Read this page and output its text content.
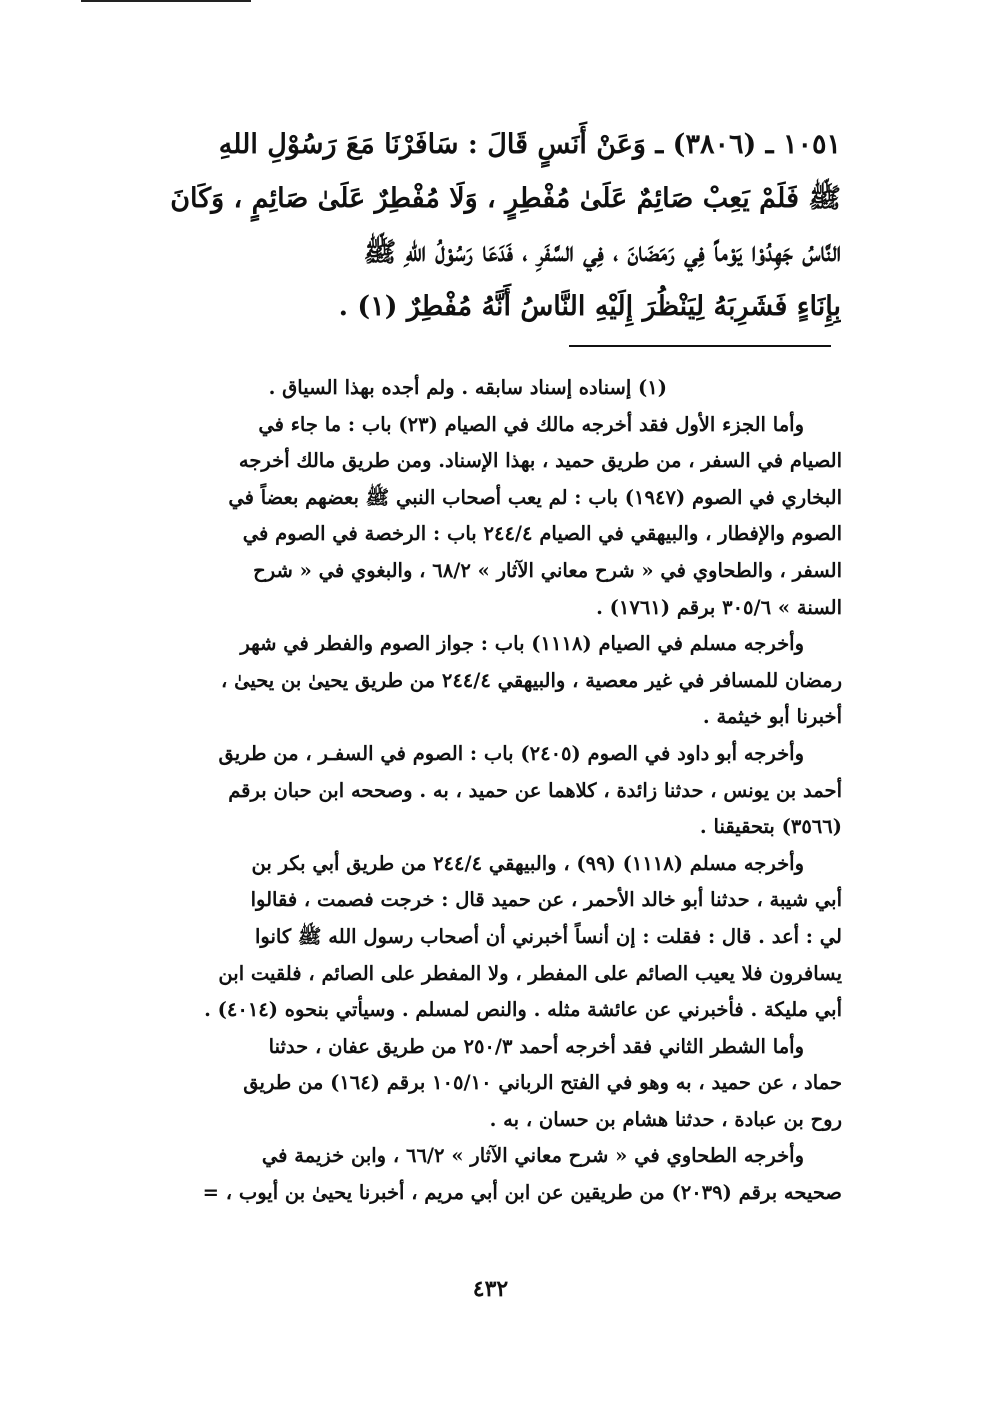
١٠٥١ ـ (٣٨٠٦) ـ وَعَنْ أَنَسٍ قَالَ : سَافَرْنَا مَعَ رَسُوْلِ اللهِ
ﷺ فَلَمْ يَعِبْ صَائِمٌ عَلَىٰ مُفْطِرٍ ، وَلَا مُفْطِرٌ عَلَىٰ صَائِمٍ ، وَكَانَ
النَّاسُ جَهِدُوْا يَوْماً فِي رَمَضَانَ ، فِي السَّفَرِ ، فَدَعَا رَسُوْلُ اللهِ ﷺ
بِإِنَاءٍ فَشَرِبَهُ لِيَنْظُرَ إِلَيْهِ النَّاسُ أَنَّهُ مُفْطِرٌ (١) .

(١) إسناده إسناد سابقه . ولم أجده بهذا السياق .

وأما الجزء الأول فقد أخرجه مالك في الصيام (٢٣) باب : ما جاء في
الصيام في السفر ، من طريق حميد ، بهذا الإسناد. ومن طريق مالك أخرجه
البخاري في الصوم (١٩٤٧) باب : لم يعب أصحاب النبي ﷺ بعضهم بعضاً في
الصوم والإفطار ، والبيهقي في الصيام ٢٤٤/٤ باب : الرخصة في الصوم في
السفر ، والطحاوي في « شرح معاني الآثار » ٦٨/٢ ، والبغوي في « شرح
السنة » ٣٠٥/٦ برقم (١٧٦١) .

وأخرجه مسلم في الصيام (١١١٨) باب : جواز الصوم والفطر في شهر
رمضان للمسافر في غير معصية ، والبيهقي ٢٤٤/٤ من طريق يحيىٰ بن يحيىٰ ،
أخبرنا أبو خيثمة .

وأخرجه أبو داود في الصوم (٢٤٠٥) باب : الصوم في السفـر ، من طريق
أحمد بن يونس ، حدثنا زائدة ، كلاهما عن حميد ، به . وصححه ابن حبان برقم
(٣٥٦٦) بتحقيقنا .

وأخرجه مسلم (١١١٨) (٩٩) ، والبيهقي ٢٤٤/٤ من طريق أبي بكر بن
أبي شيبة ، حدثنا أبو خالد الأحمر ، عن حميد قال : خرجت فصمت ، فقالوا
لي : أعد . قال : فقلت : إن أنساً أخبرني أن أصحاب رسول الله ﷺ كانوا
يسافرون فلا يعيب الصائم على المفطر ، ولا المفطر على الصائم ، فلقيت ابن
أبي مليكة . فأخبرني عن عائشة مثله . والنص لمسلم . وسيأتي بنحوه (٤٠١٤) .

وأما الشطر الثاني فقد أخرجه أحمد ٢٥٠/٣ من طريق عفان ، حدثنا
حماد ، عن حميد ، به وهو في الفتح الرباني ١٠٥/١٠ برقم (١٦٤) من طريق
روح بن عبادة ، حدثنا هشام بن حسان ، به .

وأخرجه الطحاوي في « شرح معاني الآثار » ٦٦/٢ ، وابن خزيمة في
صحيحه برقم (٢٠٣٩) من طريقين عن ابن أبي مريم ، أخبرنا يحيىٰ بن أيوب ، =

٤٣٢
